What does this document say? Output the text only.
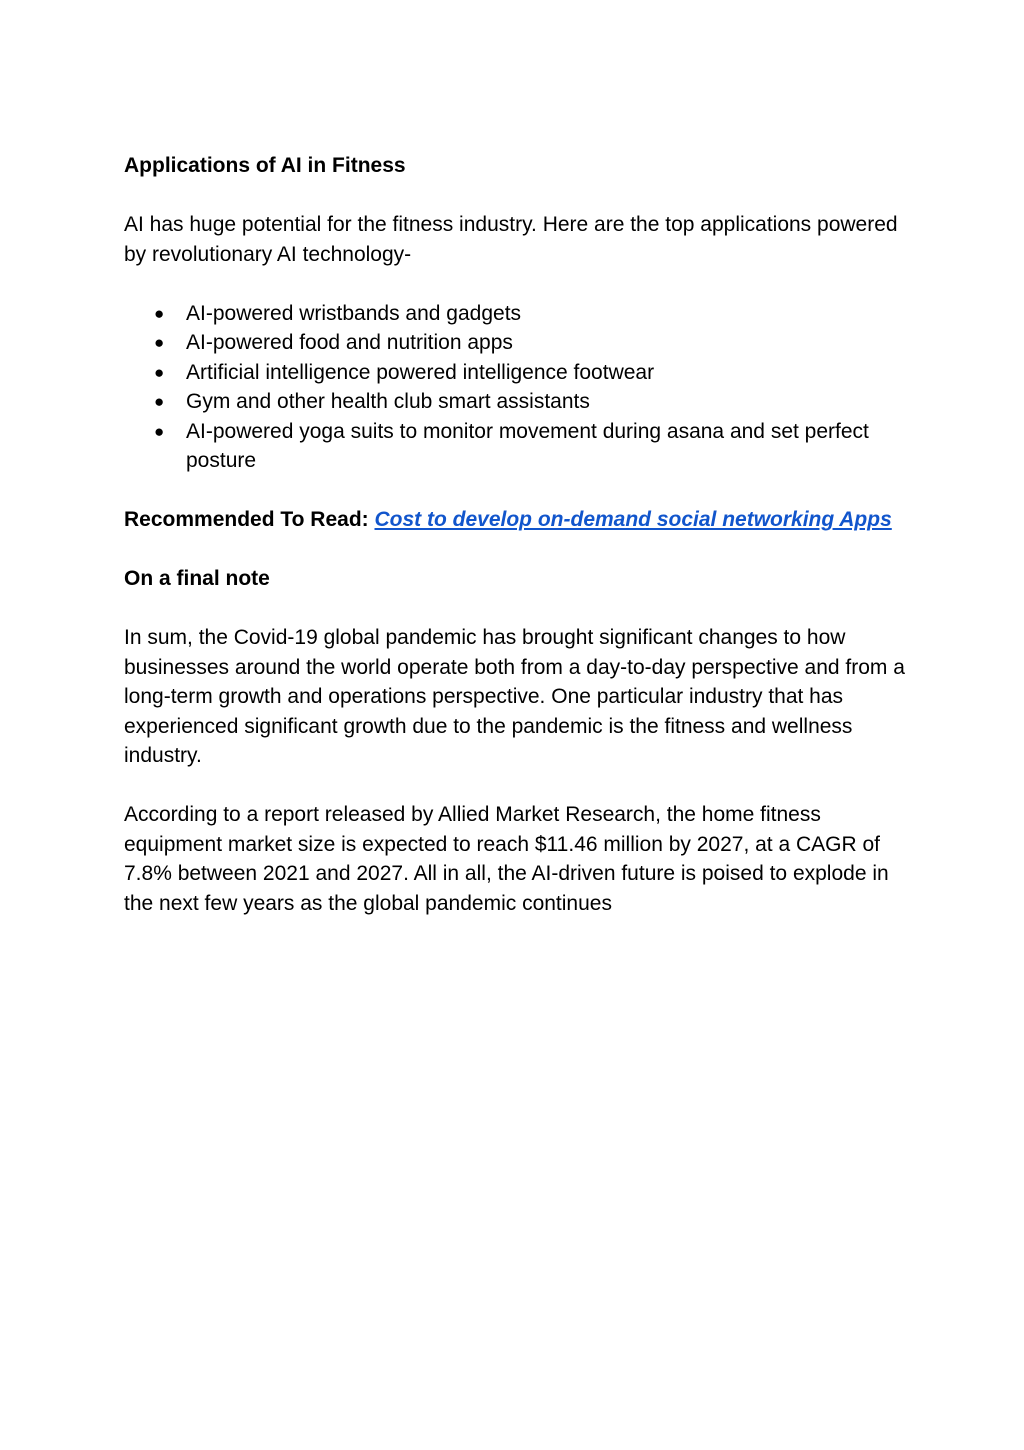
Applications of AI in Fitness

AI has huge potential for the fitness industry. Here are the top applications powered by revolutionary AI technology-

● AI-powered wristbands and gadgets
● AI-powered food and nutrition apps
● Artificial intelligence powered intelligence footwear
● Gym and other health club smart assistants
● AI-powered yoga suits to monitor movement during asana and set perfect posture

Recommended To Read: Cost to develop on-demand social networking Apps

On a final note

In sum, the Covid-19 global pandemic has brought significant changes to how businesses around the world operate both from a day-to-day perspective and from a long-term growth and operations perspective. One particular industry that has experienced significant growth due to the pandemic is the fitness and wellness industry.

According to a report released by Allied Market Research, the home fitness equipment market size is expected to reach $11.46 million by 2027, at a CAGR of 7.8% between 2021 and 2027. All in all, the AI-driven future is poised to explode in the next few years as the global pandemic continues
